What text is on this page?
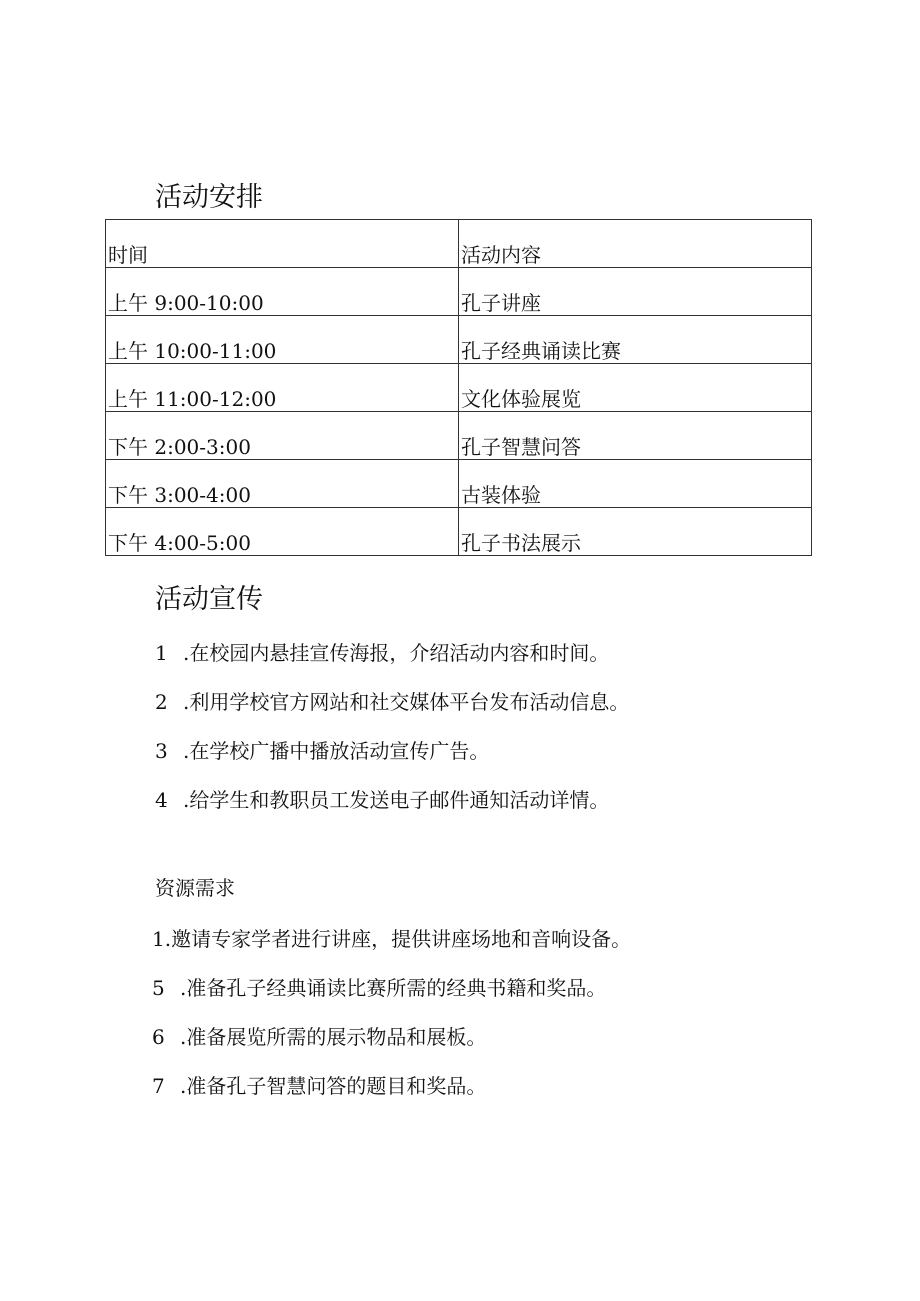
活动安排
时间	活动内容

上午 9:00-10:00	孔子讲座

上午 10:00-11:00	孔子经典诵读比赛

上午 11:00-12:00	文化体验展览

下午 2:00-3:00	孔子智慧问答

下午 3:00-4:00	古装体验

下午 4:00-5:00	孔子书法展示
活动宣传
1 .在校园内悬挂宣传海报，介绍活动内容和时间。
2 .利用学校官方网站和社交媒体平台发布活动信息。
3 .在学校广播中播放活动宣传广告。
4 .给学生和教职员工发送电子邮件通知活动详情。
资源需求
1.邀请专家学者进行讲座，提供讲座场地和音响设备。
5 .准备孔子经典诵读比赛所需的经典书籍和奖品。
6 .准备展览所需的展示物品和展板。
7 .准备孔子智慧问答的题目和奖品。
